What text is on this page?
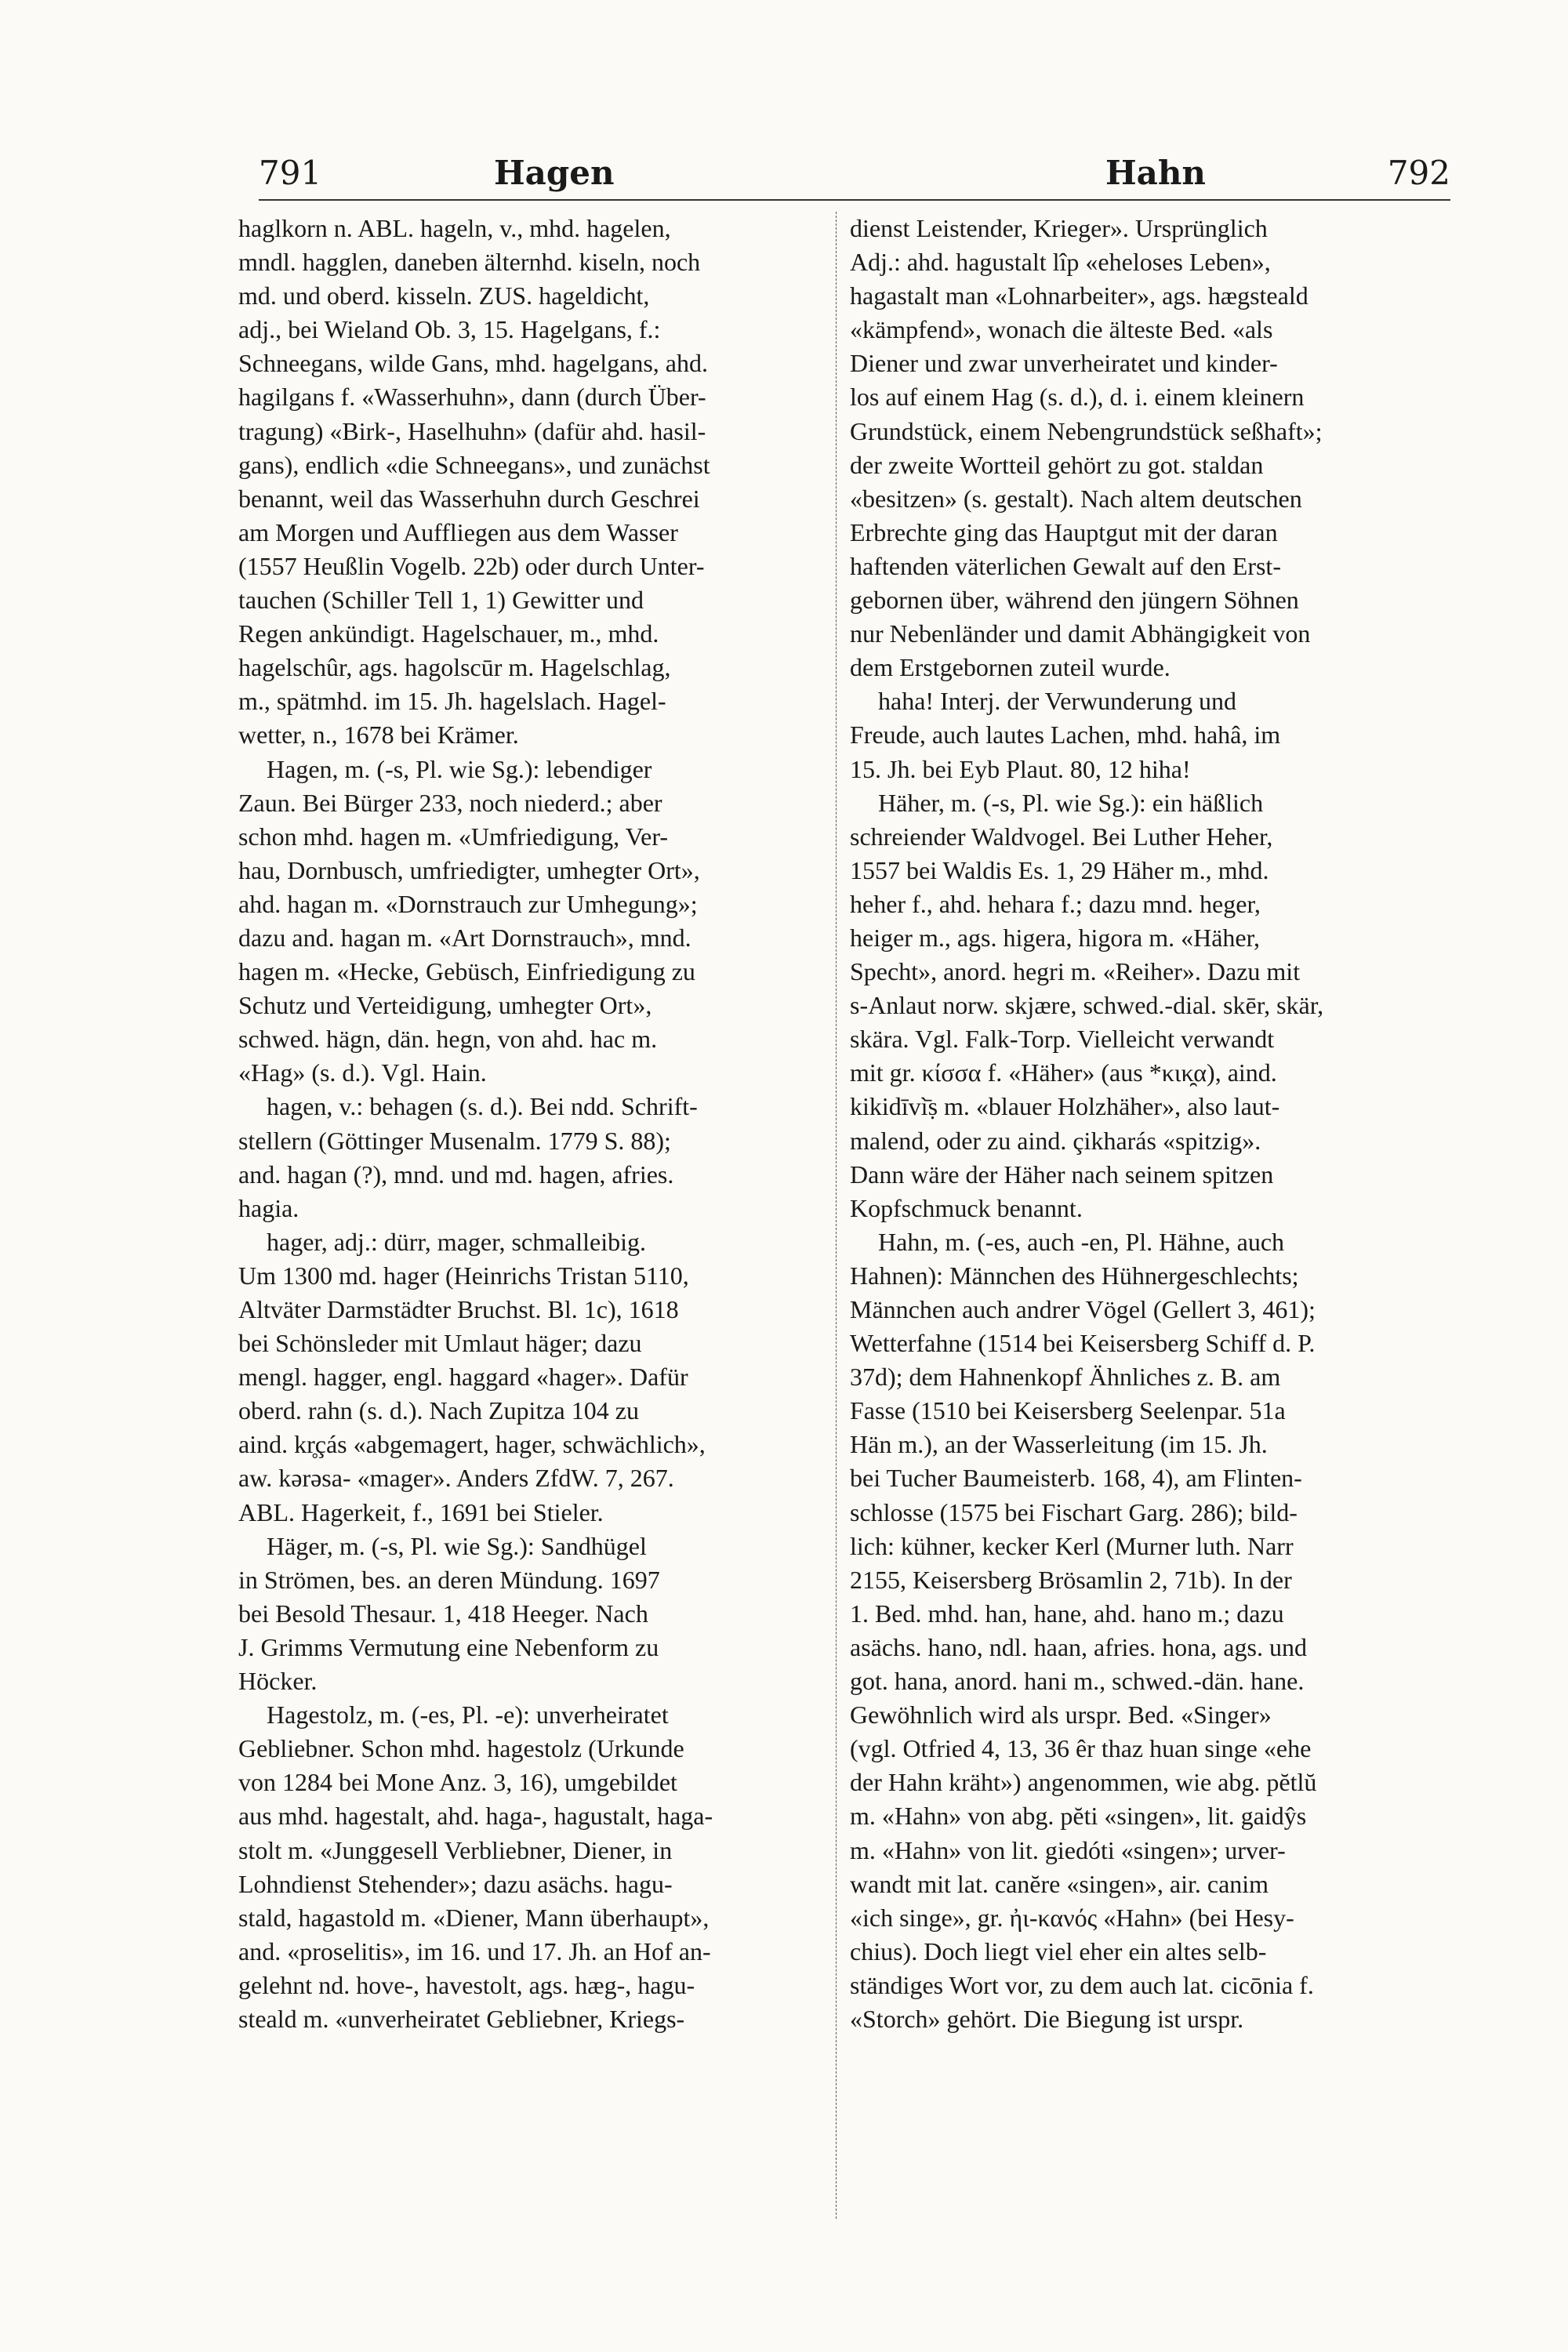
791	Hagen	Hahn	792
haglkorn n. ABL. hageln, v., mhd. hagelen,
mndl. hagglen, daneben älternhd. kiseln, noch
md. und oberd. kisseln. ZUS. hageldicht,
adj., bei Wieland Ob. 3, 15. Hagelgans, f.:
Schneegans, wilde Gans, mhd. hagelgans, ahd.
hagilgans f. «Wasserhuhn», dann (durch Über-
tragung) «Birk-, Haselhuhn» (dafür ahd. hasil-
gans), endlich «die Schneegans», und zunächst
benannt, weil das Wasserhuhn durch Geschrei
am Morgen und Auffliegen aus dem Wasser
(1557 Heußlin Vogelb. 22b) oder durch Unter-
tauchen (Schiller Tell 1, 1) Gewitter und
Regen ankündigt. Hagelschauer, m., mhd.
hagelschûr, ags. hagolscūr m. Hagelschlag,
m., spätmhd. im 15. Jh. hagelslach. Hagel-
wetter, n., 1678 bei Krämer.
Hagen, m. (-s, Pl. wie Sg.): lebendiger
Zaun. Bei Bürger 233, noch niederd.; aber
schon mhd. hagen m. «Umfriedigung, Ver-
hau, Dornbusch, umfriedigter, umhegter Ort»,
ahd. hagan m. «Dornstrauch zur Umhegung»;
dazu and. hagan m. «Art Dornstrauch», mnd.
hagen m. «Hecke, Gebüsch, Einfriedigung zu
Schutz und Verteidigung, umhegter Ort»,
schwed. hägn, dän. hegn, von ahd. hac m.
«Hag» (s. d.). Vgl. Hain.
hagen, v.: behagen (s. d.). Bei ndd. Schrift-
stellern (Göttinger Musenalm. 1779 S. 88);
and. hagan (?), mnd. und md. hagen, afries.
hagia.
hager, adj.: dürr, mager, schmalleibig.
Um 1300 md. hager (Heinrichs Tristan 5110,
Altväter Darmstädter Bruchst. Bl. 1c), 1618
bei Schönsleder mit Umlaut häger; dazu
mengl. hagger, engl. haggard «hager». Dafür
oberd. rahn (s. d.). Nach Zupitza 104 zu
aind. kr̥çás «abgemagert, hager, schwächlich»,
aw. kərəsa- «mager». Anders ZfdW. 7, 267.
ABL. Hagerkeit, f., 1691 bei Stieler.
Häger, m. (-s, Pl. wie Sg.): Sandhügel
in Strömen, bes. an deren Mündung. 1697
bei Besold Thesaur. 1, 418 Heeger. Nach
J. Grimms Vermutung eine Nebenform zu
Höcker.
Hagestolz, m. (-es, Pl. -e): unverheiratet
Gebliebner. Schon mhd. hagestolz (Urkunde
von 1284 bei Mone Anz. 3, 16), umgebildet
aus mhd. hagestalt, ahd. haga-, hagustalt, haga-
stolt m. «Junggesell Verbliebner, Diener, in
Lohndienst Stehender»; dazu asächs. hagu-
stald, hagastold m. «Diener, Mann überhaupt»,
and. «proselitis», im 16. und 17. Jh. an Hof an-
gelehnt nd. hove-, havestolt, ags. hæg-, hagu-
steald m. «unverheiratet Gebliebner, Kriegs-
dienst Leistender, Krieger». Ursprünglich
Adj.: ahd. hagustalt lîp «eheloses Leben»,
hagastalt man «Lohnarbeiter», ags. hægsteald
«kämpfend», wonach die älteste Bed. «als
Diener und zwar unverheiratet und kinder-
los auf einem Hag (s. d.), d. i. einem kleinern
Grundstück, einem Nebengrundstück seßhaft»;
der zweite Wortteil gehört zu got. staldan
«besitzen» (s. gestalt). Nach altem deutschen
Erbrechte ging das Hauptgut mit der daran
haftenden väterlichen Gewalt auf den Erst-
gebornen über, während den jüngern Söhnen
nur Nebenländer und damit Abhängigkeit von
dem Erstgebornen zuteil wurde.
haha! Interj. der Verwunderung und
Freude, auch lautes Lachen, mhd. hahâ, im
15. Jh. bei Eyb Plaut. 80, 12 hiha!
Häher, m. (-s, Pl. wie Sg.): ein häßlich
schreiender Waldvogel. Bei Luther Heher,
1557 bei Waldis Es. 1, 29 Häher m., mhd.
heher f., ahd. hehara f.; dazu mnd. heger,
heiger m., ags. higera, higora m. «Häher,
Specht», anord. hegri m. «Reiher». Dazu mit
s-Anlaut norw. skjære, schwed.-dial. skēr, skär,
skära. Vgl. Falk-Torp. Vielleicht verwandt
mit gr. κίσσα f. «Häher» (aus *κικ̯α), aind.
kikidīvì̄ṣ m. «blauer Holzhäher», also laut-
malend, oder zu aind. çikharás «spitzig».
Dann wäre der Häher nach seinem spitzen
Kopfschmuck benannt.
Hahn, m. (-es, auch -en, Pl. Hähne, auch
Hahnen): Männchen des Hühnergeschlechts;
Männchen auch andrer Vögel (Gellert 3, 461);
Wetterfahne (1514 bei Keisersberg Schiff d. P.
37d); dem Hahnenkopf Ähnliches z. B. am
Fasse (1510 bei Keisersberg Seelenpar. 51a
Hän m.), an der Wasserleitung (im 15. Jh.
bei Tucher Baumeisterb. 168, 4), am Flinten-
schlosse (1575 bei Fischart Garg. 286); bild-
lich: kühner, kecker Kerl (Murner luth. Narr
2155, Keisersberg Brösamlin 2, 71b). In der
1. Bed. mhd. han, hane, ahd. hano m.; dazu
asächs. hano, ndl. haan, afries. hona, ags. und
got. hana, anord. hani m., schwed.-dän. hane.
Gewöhnlich wird als urspr. Bed. «Singer»
(vgl. Otfried 4, 13, 36 êr thaz huan singe «ehe
der Hahn kräht») angenommen, wie abg. pĕtlŭ
m. «Hahn» von abg. pĕti «singen», lit. gaidŷs
m. «Hahn» von lit. giedóti «singen»; urver-
wandt mit lat. canĕre «singen», air. canim
«ich singe», gr. ἠι-κανός «Hahn» (bei Hesy-
chius). Doch liegt viel eher ein altes selb-
ständiges Wort vor, zu dem auch lat. cicōnia f.
«Storch» gehört. Die Biegung ist urspr.
